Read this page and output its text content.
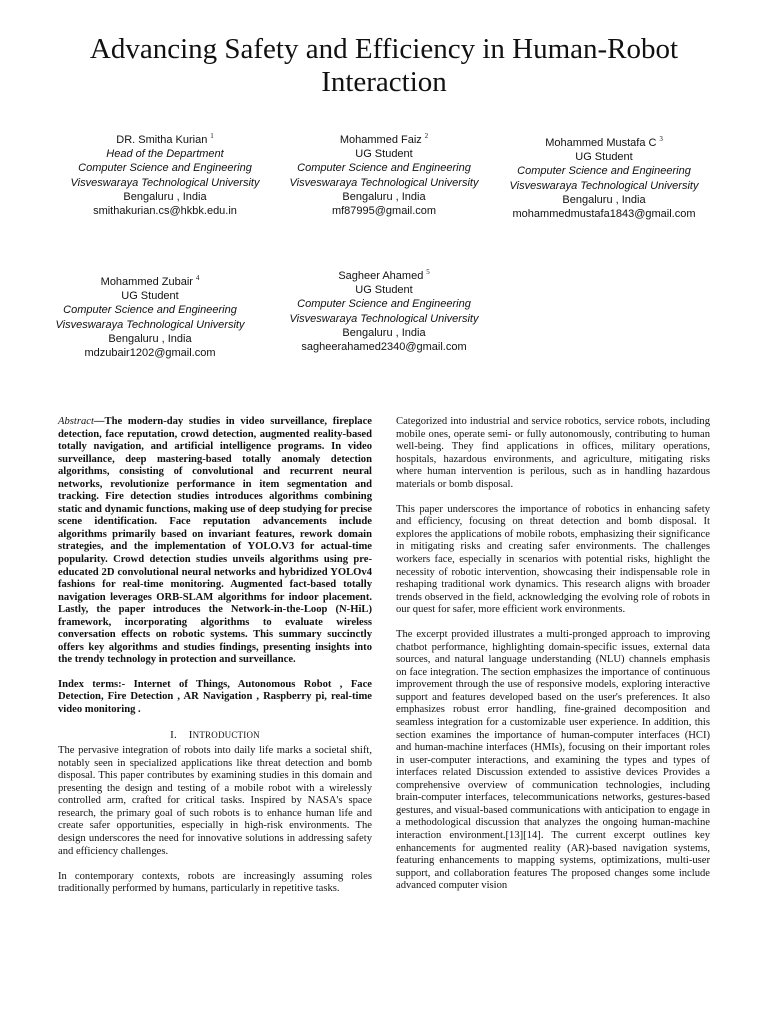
Advancing Safety and Efficiency in Human-Robot Interaction
DR. Smitha Kurian $^1$
Head of the Department
Computer Science and Engineering
Visveswaraya Technological University
Bengaluru , India
smithakurian.cs@hkbk.edu.in
Mohammed Faiz $^2$
UG Student
Computer Science and Engineering
Visveswaraya Technological University
Bengaluru , India
mf87995@gmail.com
Mohammed Mustafa C $^3$
UG Student
Computer Science and Engineering
Visveswaraya Technological University
Bengaluru , India
mohammedmustafa1843@gmail.com
Mohammed Zubair $^4$
UG Student
Computer Science and Engineering
Visveswaraya Technological University
Bengaluru , India
mdzubair1202@gmail.com
Sagheer Ahamed $^5$
UG Student
Computer Science and Engineering
Visveswaraya Technological University
Bengaluru , India
sagheerahamed2340@gmail.com

Abstract—The modern-day studies in video surveillance, fireplace detection, face reputation, crowd detection, augmented reality-based totally navigation, and artificial intelligence programs. In video surveillance, deep mastering-based totally anomaly detection algorithms, consisting of convolutional and recurrent neural networks, revolutionize performance in item segmentation and tracking. Fire detection studies introduces algorithms combining static and dynamic functions, making use of deep studying for precise scene identification. Face reputation advancements include algorithms primarily based on invariant features, rework domain strategies, and the implementation of YOLO.V3 for actual-time popularity. Crowd detection studies unveils algorithms using pre-educated 2D convolutional neural networks and hybridized YOLOv4 fashions for real-time monitoring. Augmented fact-based totally navigation leverages ORB-SLAM algorithms for indoor placement. Lastly, the paper introduces the Network-in-the-Loop (N-HiL) framework, incorporating algorithms to evaluate wireless conversation effects on robotic systems. This summary succinctly offers key algorithms and studies findings, presenting insights into the trendy technology in protection and surveillance.

Index terms:- Internet of Things, Autonomous Robot , Face Detection, Fire Detection , AR Navigation , Raspberry pi, real-time video monitoring .

I. INTRODUCTION

The pervasive integration of robots into daily life marks a societal shift, notably seen in specialized applications like threat detection and bomb disposal. This paper contributes by examining studies in this domain and presenting the design and testing of a mobile robot with a wirelessly controlled arm, crafted for critical tasks. Inspired by NASA's space research, the primary goal of such robots is to enhance human life and create safer opportunities, especially in high-risk environments. The design underscores the need for innovative solutions in addressing safety and efficiency challenges.

In contemporary contexts, robots are increasingly assuming roles traditionally performed by humans, particularly in repetitive tasks.

Categorized into industrial and service robotics, service robots, including mobile ones, operate semi- or fully autonomously, contributing to human well-being. They find applications in offices, military operations, hospitals, hazardous environments, and agriculture, mitigating risks where human intervention is perilous, such as in handling hazardous materials or bomb disposal.

This paper underscores the importance of robotics in enhancing safety and efficiency, focusing on threat detection and bomb disposal. It explores the applications of mobile robots, emphasizing their significance in mitigating risks and creating safer environments. The challenges workers face, especially in scenarios with potential risks, highlight the necessity of robotic intervention, showcasing their indispensable role in reshaping traditional work dynamics. This research aligns with broader trends observed in the field, acknowledging the evolving role of robots in our quest for safer, more efficient work environments.

The excerpt provided illustrates a multi-pronged approach to improving chatbot performance, highlighting domain-specific issues, external data sources, and natural language understanding (NLU) channels emphasis on face integration. The section emphasizes the importance of continuous improvement through the use of responsive models, exploring interactive support and features developed based on the user's preferences. It also emphasizes robust error handling, fine-grained decomposition and seamless integration for a customizable user experience. In addition, this section examines the importance of human-computer interfaces (HCI) and human-machine interfaces (HMIs), focusing on their important roles in user-computer interactions, and examining the types and types of interfaces related Discussion extended to assistive devices Provides a comprehensive overview of communication technologies, including brain-computer interfaces, telecommunications networks, gestures-based gestures, and visual-based communications with anticipation to engage in a methodological discussion that analyzes the ongoing human-machine interaction environment.[13][14]. The current excerpt outlines key enhancements for augmented reality (AR)-based navigation systems, featuring enhancements to mapping systems, optimizations, multi-user support, and collaboration features The proposed changes some include advanced computer vision
